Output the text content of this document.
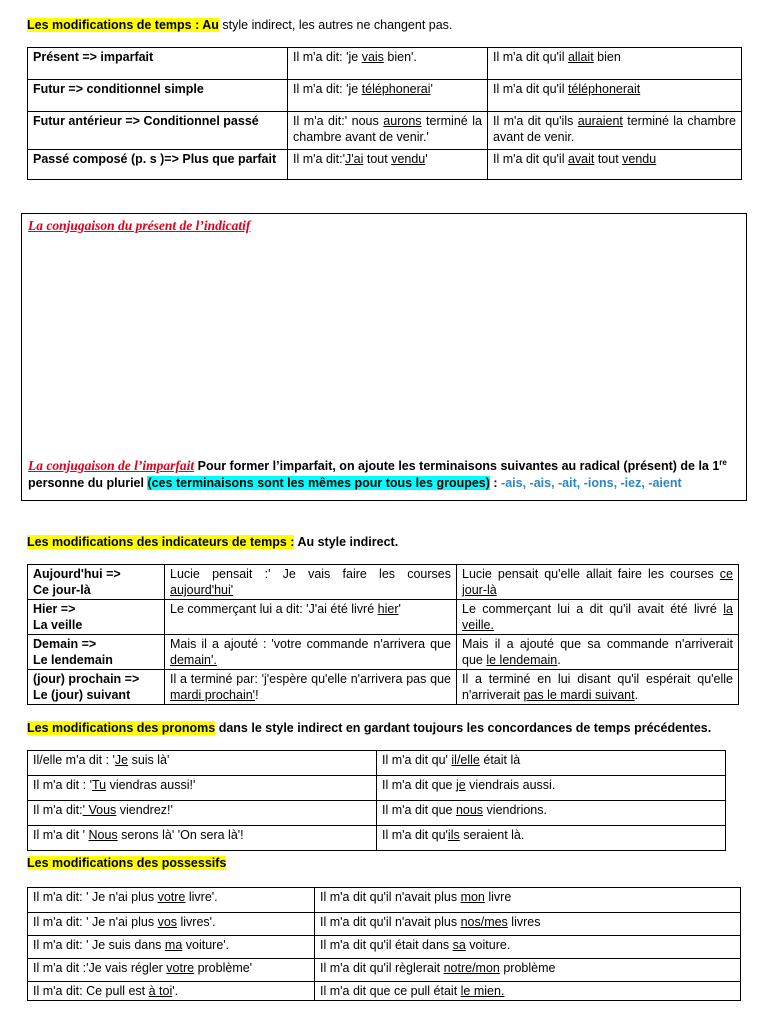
Les modifications de temps : Au style indirect, les autres ne changent pas.
Présent => imparfait	Il m'a dit: 'je vais bien'.	Il m'a dit qu'il allait bien
Futur => conditionnel simple	Il m'a dit: 'je téléphonerai'	Il m'a dit qu'il téléphonerait
Futur antérieur => Conditionnel passé	Il m'a dit:' nous aurons terminé la chambre avant de venir.'	Il m'a dit qu'ils auraient terminé la chambre avant de venir.
Passé composé (p. s )=> Plus que parfait	Il m'a dit:'J'ai tout vendu'	Il m'a dit qu'il avait tout vendu
La conjugaison du présent de l’indicatif
La conjugaison de l’imparfait Pour former l’imparfait, on ajoute les terminaisons suivantes au radical (présent) de la 1re
personne du pluriel (ces terminaisons sont les mêmes pour tous les groupes) : -ais, -ais, -ait, -ions, -iez, -aient
Les modifications des indicateurs de temps : Au style indirect.
Aujourd'hui =>
Ce jour-là	Lucie pensait :' Je vais faire les courses aujourd'hui'	Lucie pensait qu'elle allait faire les courses ce jour-là

Hier =>
La veille	Le commerçant lui a dit: 'J'ai été livré hier'	Le commerçant lui a dit qu'il avait été livré la veille.

Demain =>
Le lendemain	Mais il a ajouté : 'votre commande n'arrivera que demain'.	Mais il a ajouté que sa commande n'arriverait que le lendemain.

(jour) prochain =>
Le (jour) suivant	Il a terminé par: 'j'espère qu'elle n'arrivera pas que mardi prochain'!	Il a terminé en lui disant qu'il espérait qu'elle n'arriverait pas le mardi suivant.
Les modifications des pronoms dans le style indirect en gardant toujours les concordances de temps précédentes.
Il/elle m'a dit : 'Je suis là'	Il m'a dit qu' il/elle était là
Il m'a dit : 'Tu viendras aussi!'	Il m'a dit que je viendrais aussi.
Il m'a dit:' Vous viendrez!'	Il m'a dit que nous viendrions.
Il m'a dit ' Nous serons là' 'On sera là'!	Il m'a dit qu'ils seraient là.
Les modifications des possessifs
Il m'a dit: ' Je n'ai plus votre livre'.	Il m'a dit qu'il n'avait plus mon livre
Il m'a dit: ' Je n'ai plus vos livres'.	Il m'a dit qu'il n'avait plus nos/mes livres
Il m'a dit: ' Je suis dans ma voiture'.	Il m'a dit qu'il était dans sa voiture.
Il m'a dit :'Je vais régler votre problème'	Il m'a dit qu'il règlerait notre/mon problème
Il m'a dit: Ce pull est à toi'.	Il m'a dit que ce pull était le mien.
